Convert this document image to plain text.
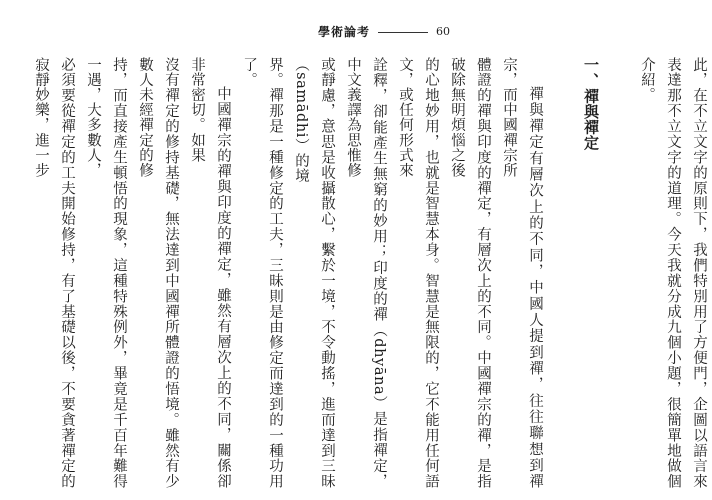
學術論考	60

此，在不立文字的原則下，我們特別用了方便門，企圖以語言來表達那不立文字的道理。今天我就分成九個小題，很簡單地做個介紹。

一、禪與禪定

禪與禪定有層次上的不同，中國人提到禪，往往聯想到禪宗，而中國禪宗所

體證的禪與印度的禪定，有層次上的不同。中國禪宗的禪，是指破除無明煩惱之後

的心地妙用，也就是智慧本身。智慧是無限的，它不能用任何語文，或任何形式來

詮釋，卻能產生無窮的妙用；印度的禪（dhyāna）是指禪定，中文義譯為思惟修

或靜慮，意思是收攝散心，繫於一境，不令動搖，進而達到三昧（samādhi）的境

界。禪那是一種修定的工夫，三昧則是由修定而達到的一種功用了。

中國禪宗的禪與印度的禪定，雖然有層次上的不同，關係卻非常密切。如果

沒有禪定的修持基礎，無法達到中國禪所體證的悟境。雖然有少數人未經禪定的修

持，而直接產生頓悟的現象，這種特殊例外，畢竟是千百年難得一遇，大多數人，

必須要從禪定的工夫開始修持，有了基礎以後，不要貪著禪定的寂靜妙樂，進一步
